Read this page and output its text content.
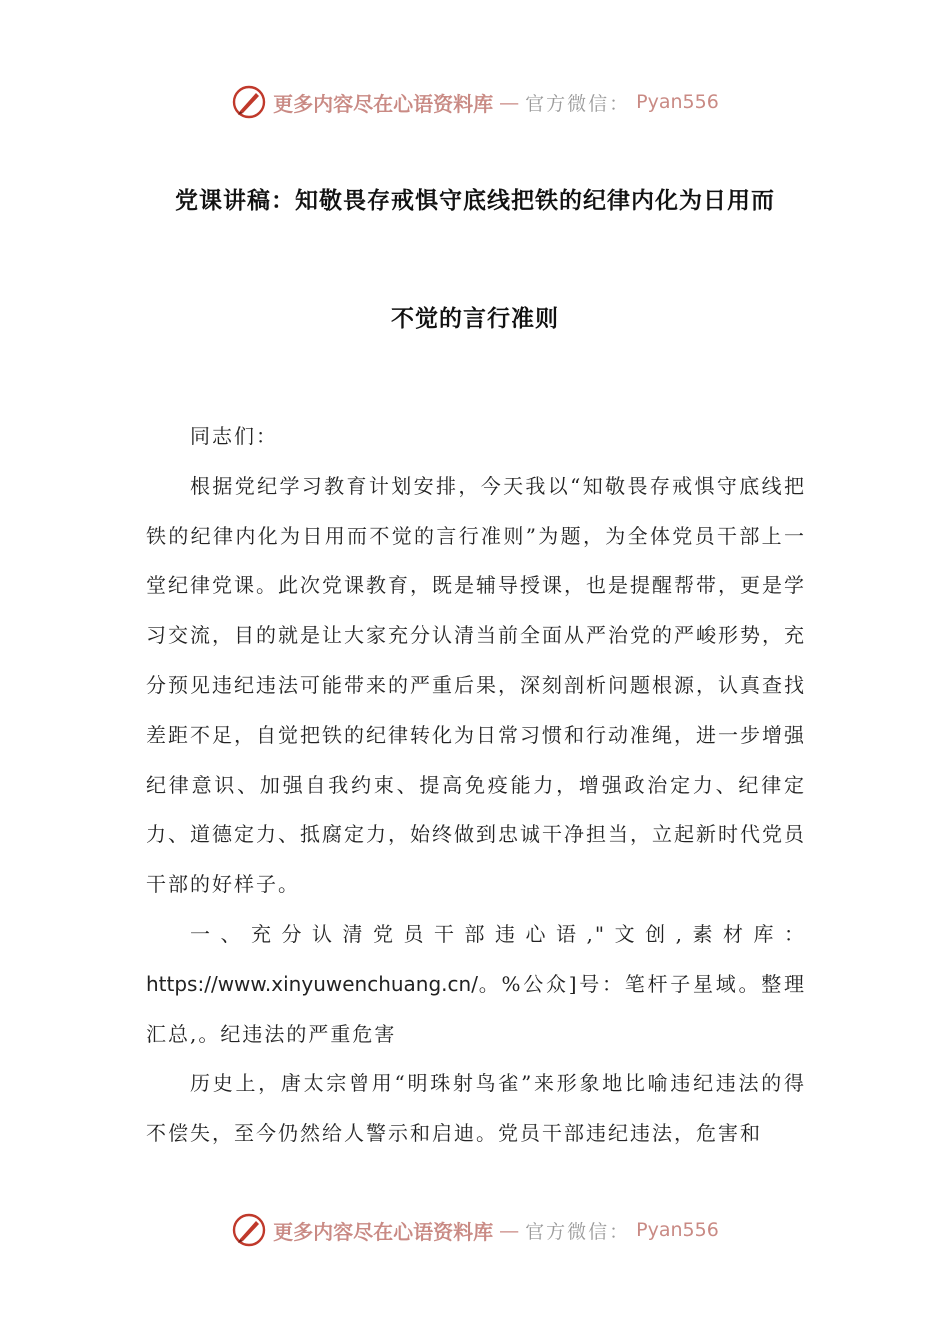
更多内容尽在心语资料库 — 官方微信： Pyan556
党课讲稿：知敬畏存戒惧守底线把铁的纪律内化为日用而
不觉的言行准则

同志们：

根据党纪学习教育计划安排，今天我以“知敬畏存戒惧守底线把铁的纪律内化为日用而不觉的言行准则”为题，为全体党员干部上一堂纪律党课。此次党课教育，既是辅导授课，也是提醒帮带，更是学习交流，目的就是让大家充分认清当前全面从严治党的严峻形势，充分预见违纪违法可能带来的严重后果，深刻剖析问题根源，认真查找差距不足，自觉把铁的纪律转化为日常习惯和行动准绳，进一步增强纪律意识、加强自我约束、提高免疫能力，增强政治定力、纪律定力、道德定力、抵腐定力，始终做到忠诚干净担当，立起新时代党员干部的好样子。

一、充分认清党员干部违心语,"文创,素材库：https://www.xinyuwenchuang.cn/。%公众]号：笔杆子星域。整理汇总,。纪违法的严重危害

历史上，唐太宗曾用“明珠射鸟雀”来形象地比喻违纪违法的得不偿失，至今仍然给人警示和启迪。党员干部违纪违法，危害和

更多内容尽在心语资料库 — 官方微信： Pyan556
